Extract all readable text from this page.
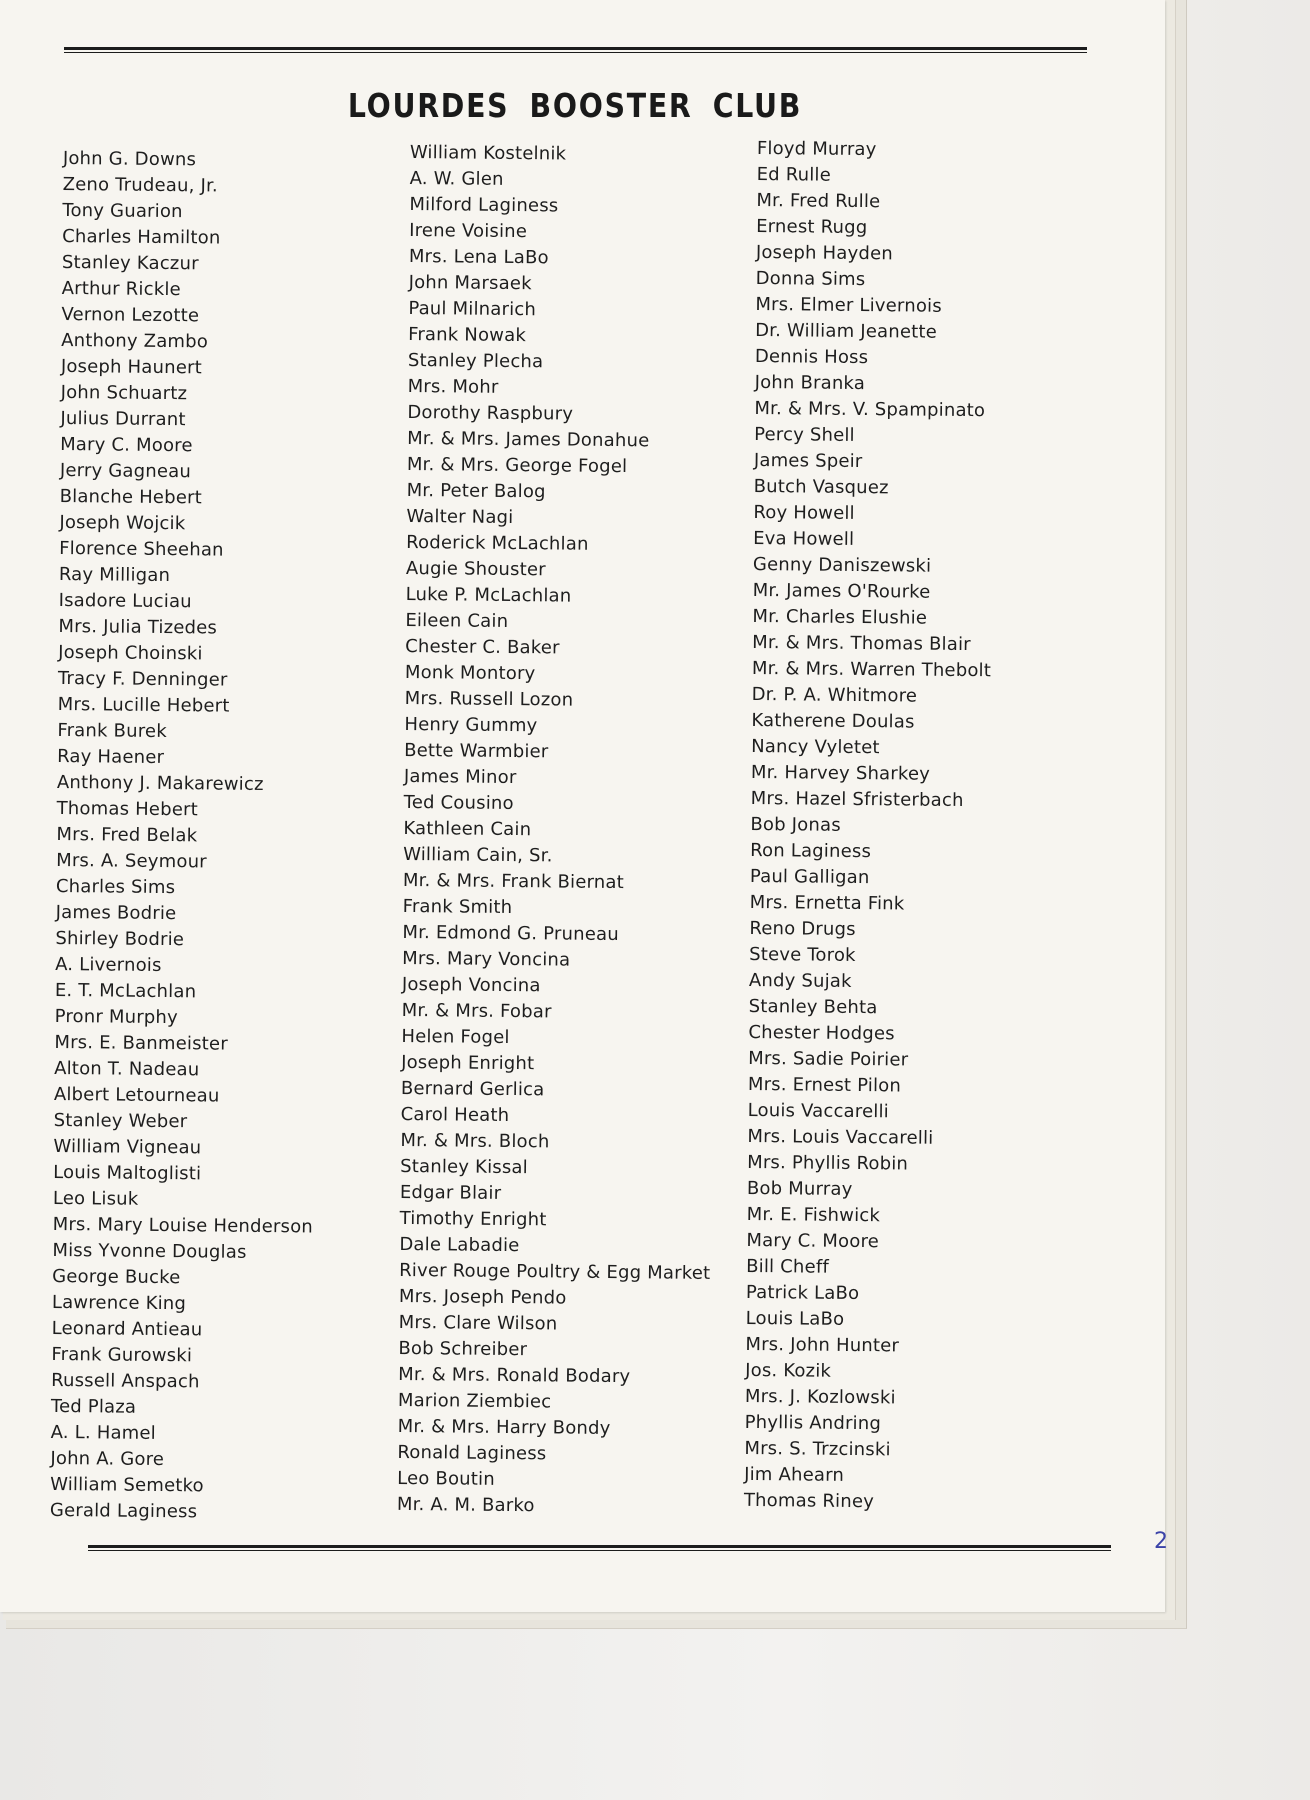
LOURDES BOOSTER CLUB
John G. Downs
Zeno Trudeau, Jr.
Tony Guarion
Charles Hamilton
Stanley Kaczur
Arthur Rickle
Vernon Lezotte
Anthony Zambo
Joseph Haunert
John Schuartz
Julius Durrant
Mary C. Moore
Jerry Gagneau
Blanche Hebert
Joseph Wojcik
Florence Sheehan
Ray Milligan
Isadore Luciau
Mrs. Julia Tizedes
Joseph Choinski
Tracy F. Denninger
Mrs. Lucille Hebert
Frank Burek
Ray Haener
Anthony J. Makarewicz
Thomas Hebert
Mrs. Fred Belak
Mrs. A. Seymour
Charles Sims
James Bodrie
Shirley Bodrie
A. Livernois
E. T. McLachlan
Pronr Murphy
Mrs. E. Banmeister
Alton T. Nadeau
Albert Letourneau
Stanley Weber
William Vigneau
Louis Maltoglisti
Leo Lisuk
Mrs. Mary Louise Henderson
Miss Yvonne Douglas
George Bucke
Lawrence King
Leonard Antieau
Frank Gurowski
Russell Anspach
Ted Plaza
A. L. Hamel
John A. Gore
William Semetko
Gerald Laginess
William Kostelnik
A. W. Glen
Milford Laginess
Irene Voisine
Mrs. Lena LaBo
John Marsaek
Paul Milnarich
Frank Nowak
Stanley Plecha
Mrs. Mohr
Dorothy Raspbury
Mr. & Mrs. James Donahue
Mr. & Mrs. George Fogel
Mr. Peter Balog
Walter Nagi
Roderick McLachlan
Augie Shouster
Luke P. McLachlan
Eileen Cain
Chester C. Baker
Monk Montory
Mrs. Russell Lozon
Henry Gummy
Bette Warmbier
James Minor
Ted Cousino
Kathleen Cain
William Cain, Sr.
Mr. & Mrs. Frank Biernat
Frank Smith
Mr. Edmond G. Pruneau
Mrs. Mary Voncina
Joseph Voncina
Mr. & Mrs. Fobar
Helen Fogel
Joseph Enright
Bernard Gerlica
Carol Heath
Mr. & Mrs. Bloch
Stanley Kissal
Edgar Blair
Timothy Enright
Dale Labadie
River Rouge Poultry & Egg Market
Mrs. Joseph Pendo
Mrs. Clare Wilson
Bob Schreiber
Mr. & Mrs. Ronald Bodary
Marion Ziembiec
Mr. & Mrs. Harry Bondy
Ronald Laginess
Leo Boutin
Mr. A. M. Barko
Floyd Murray
Ed Rulle
Mr. Fred Rulle
Ernest Rugg
Joseph Hayden
Donna Sims
Mrs. Elmer Livernois
Dr. William Jeanette
Dennis Hoss
John Branka
Mr. & Mrs. V. Spampinato
Percy Shell
James Speir
Butch Vasquez
Roy Howell
Eva Howell
Genny Daniszewski
Mr. James O'Rourke
Mr. Charles Elushie
Mr. & Mrs. Thomas Blair
Mr. & Mrs. Warren Thebolt
Dr. P. A. Whitmore
Katherene Doulas
Nancy Vyletet
Mr. Harvey Sharkey
Mrs. Hazel Sfristerbach
Bob Jonas
Ron Laginess
Paul Galligan
Mrs. Ernetta Fink
Reno Drugs
Steve Torok
Andy Sujak
Stanley Behta
Chester Hodges
Mrs. Sadie Poirier
Mrs. Ernest Pilon
Louis Vaccarelli
Mrs. Louis Vaccarelli
Mrs. Phyllis Robin
Bob Murray
Mr. E. Fishwick
Mary C. Moore
Bill Cheff
Patrick LaBo
Louis LaBo
Mrs. John Hunter
Jos. Kozik
Mrs. J. Kozlowski
Phyllis Andring
Mrs. S. Trzcinski
Jim Ahearn
Thomas Riney
2
